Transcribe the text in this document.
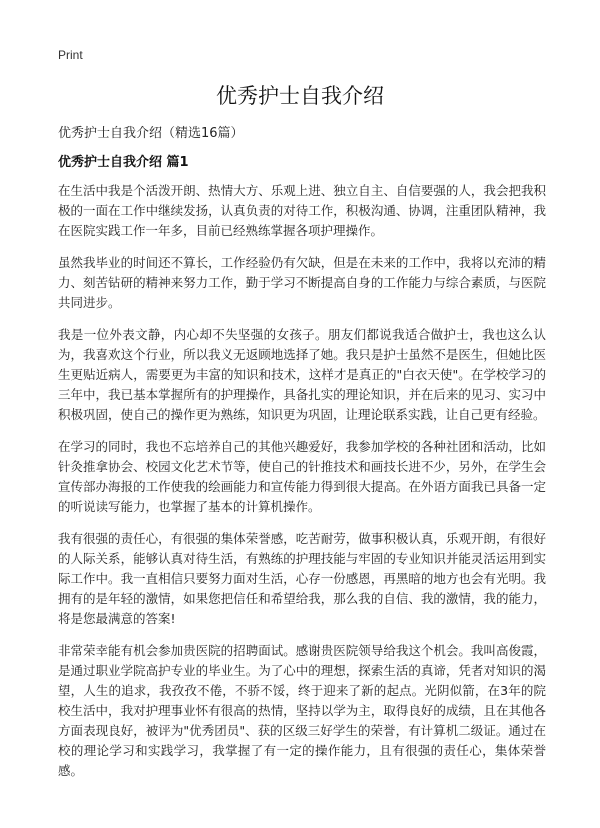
Print
优秀护士自我介绍
优秀护士自我介绍（精选16篇）
优秀护士自我介绍 篇1

在生活中我是个活泼开朗、热情大方、乐观上进、独立自主、自信要强的人，我会把我积极的一面在工作中继续发扬，认真负责的对待工作，积极沟通、协调，注重团队精神，我在医院实践工作一年多，目前已经熟练掌握各项护理操作。

虽然我毕业的时间还不算长，工作经验仍有欠缺，但是在未来的工作中，我将以充沛的精力、刻苦钻研的精神来努力工作，勤于学习不断提高自身的工作能力与综合素质，与医院共同进步。

我是一位外表文静，内心却不失坚强的女孩子。朋友们都说我适合做护士，我也这么认为，我喜欢这个行业，所以我义无返顾地选择了她。我只是护士虽然不是医生，但她比医生更贴近病人，需要更为丰富的知识和技术，这样才是真正的"白衣天使"。在学校学习的三年中，我已基本掌握所有的护理操作，具备扎实的理论知识，并在后来的见习、实习中积极巩固，使自己的操作更为熟练，知识更为巩固，让理论联系实践，让自己更有经验。

在学习的同时，我也不忘培养自己的其他兴趣爱好，我参加学校的各种社团和活动，比如针灸推拿协会、校园文化艺术节等，使自己的针推技术和画技长进不少，另外，在学生会宣传部办海报的工作使我的绘画能力和宣传能力得到很大提高。在外语方面我已具备一定的听说读写能力，也掌握了基本的计算机操作。

我有很强的责任心，有很强的集体荣誉感，吃苦耐劳，做事积极认真，乐观开朗，有很好的人际关系，能够认真对待生活，有熟练的护理技能与牢固的专业知识并能灵活运用到实际工作中。我一直相信只要努力面对生活，心存一份感恩，再黑暗的地方也会有光明。我拥有的是年轻的激情，如果您把信任和希望给我，那么我的自信、我的激情，我的能力，将是您最满意的答案!

非常荣幸能有机会参加贵医院的招聘面试。感谢贵医院领导给我这个机会。我叫高俊霞，是通过职业学院高护专业的毕业生。为了心中的理想，探索生活的真谛，凭者对知识的渴望，人生的追求，我孜孜不倦，不骄不馁，终于迎来了新的起点。光阴似箭，在3年的院校生活中，我对护理事业怀有很高的热情，坚持以学为主，取得良好的成绩，且在其他各方面表现良好，被评为"优秀团员"、获的区级三好学生的荣誉，有计算机二级证。通过在校的理论学习和实践学习，我掌握了有一定的操作能力，且有很强的责任心，集体荣誉感。
